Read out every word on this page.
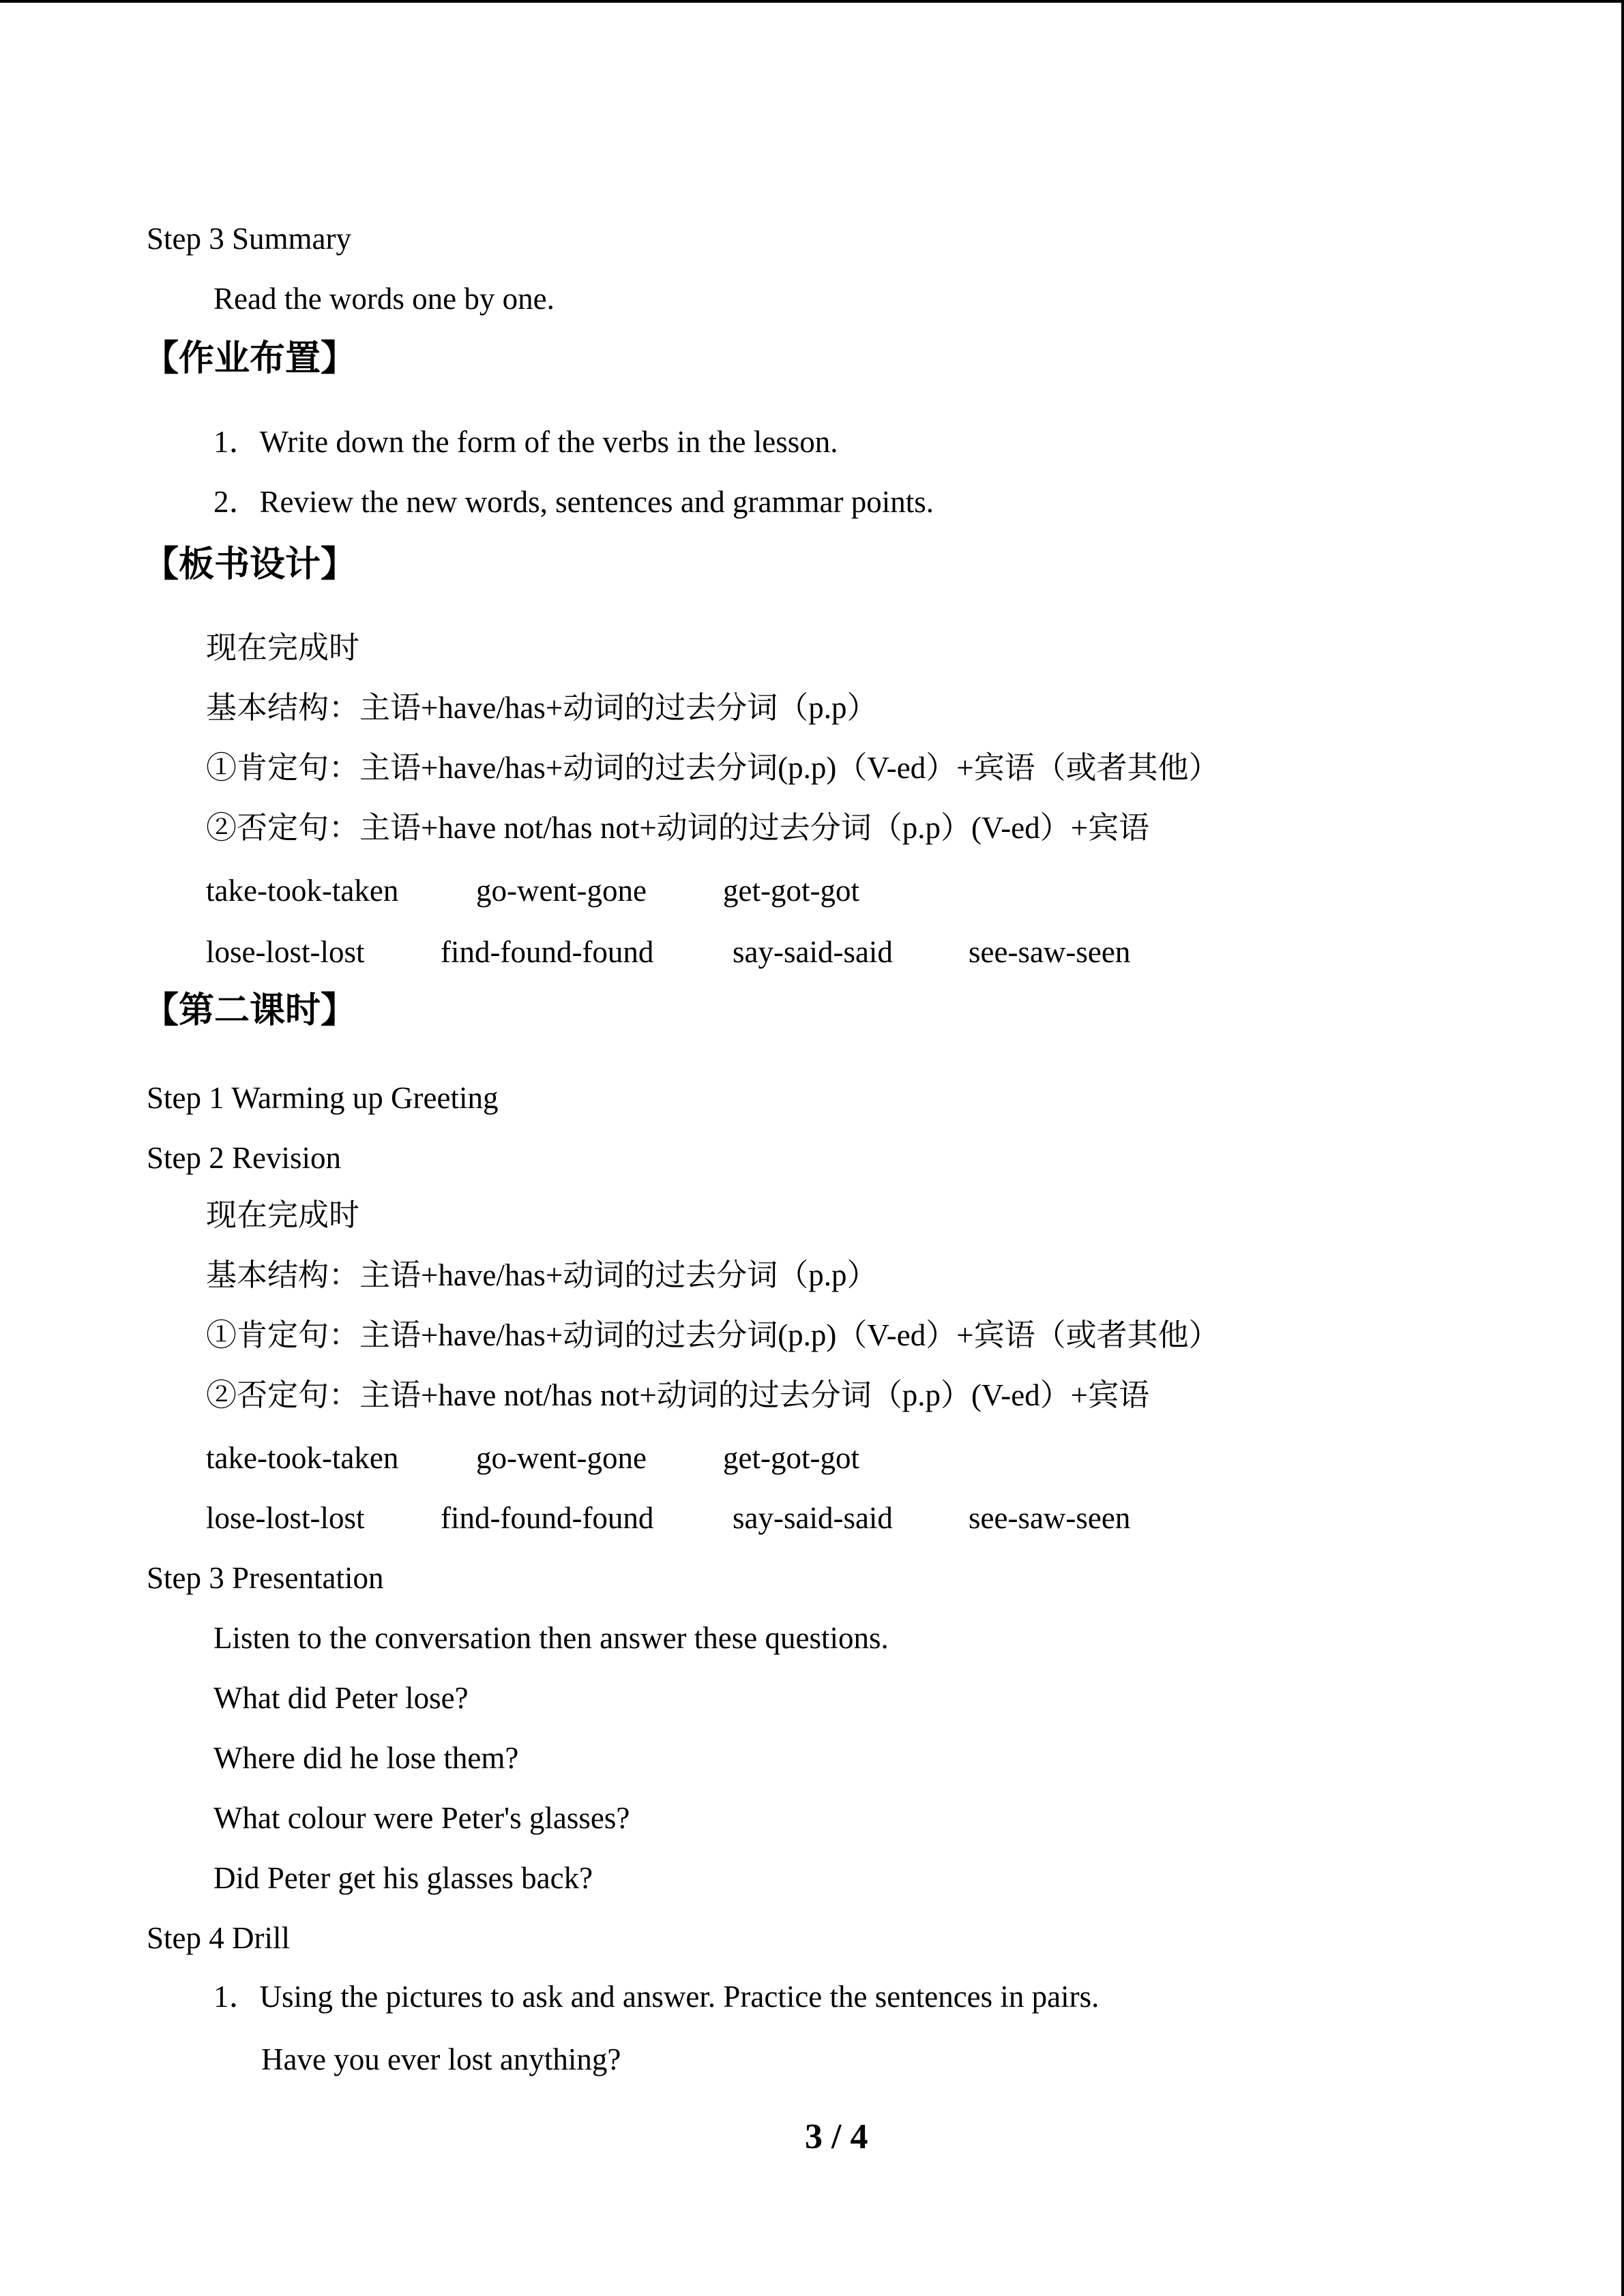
Step 3 Summary
Read the words one by one.
【作业布置】
1．Write down the form of the verbs in the lesson.
2．Review the new words, sentences and grammar points.
【板书设计】
现在完成时
基本结构：主语+have/has+动词的过去分词（p.p）
①肯定句：主语+have/has+动词的过去分词(p.p)（V-ed）+宾语（或者其他）
②否定句：主语+have not/has not+动词的过去分词（p.p）(V-ed）+宾语
take-took-taken	go-went-gone get-got-got
lose-lost-lost find-found-found	say-said-said see-saw-seen
【第二课时】
Step 1 Warming up Greeting
Step 2 Revision
现在完成时
基本结构：主语+have/has+动词的过去分词（p.p）
①肯定句：主语+have/has+动词的过去分词(p.p)（V-ed）+宾语（或者其他）
②否定句：主语+have not/has not+动词的过去分词（p.p）(V-ed）+宾语
take-took-taken	go-went-gone get-got-got
lose-lost-lost find-found-found	say-said-said see-saw-seen
Step 3 Presentation
Listen to the conversation then answer these questions.
What did Peter lose?
Where did he lose them?
What colour were Peter's glasses?
Did Peter get his glasses back?
Step 4 Drill
1．Using the pictures to ask and answer. Practice the sentences in pairs.
Have you ever lost anything?
3 / 4
